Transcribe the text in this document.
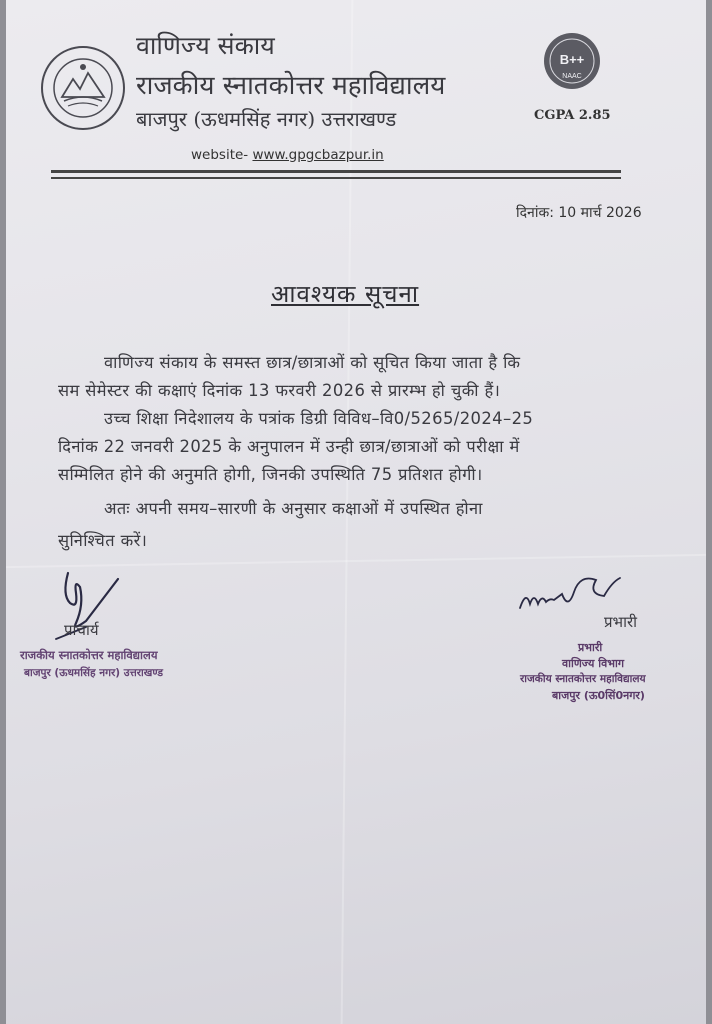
वाणिज्य संकाय
राजकीय स्नातकोत्तर महाविद्यालय
बाजपुर (ऊधमसिंह नगर) उत्तराखण्ड
B++
NAAC
CGPA 2.85
website- www.gpgcbazpur.in
दिनांक: 10 मार्च 2026
आवश्यक सूचना
वाणिज्य संकाय के समस्त छात्र/छात्राओं को सूचित किया जाता है कि
सम सेमेस्टर की कक्षाएं दिनांक 13 फरवरी 2026 से प्रारम्भ हो चुकी हैं।
उच्च शिक्षा निदेशालय के पत्रांक डिग्री विविध–वि0/5265/2024–25
दिनांक 22 जनवरी 2025 के अनुपालन में उन्ही छात्र/छात्राओं को परीक्षा में
सम्मिलित होने की अनुमति होगी, जिनकी उपस्थिति 75 प्रतिशत होगी।
अतः अपनी समय–सारणी के अनुसार कक्षाओं में उपस्थित होना
सुनिश्चित करें।
प्राचार्य
राजकीय स्नातकोत्तर महाविद्यालय
बाजपुर (ऊधमसिंह नगर) उत्तराखण्ड
प्रभारी
प्रभारी
वाणिज्य विभाग
राजकीय स्नातकोत्तर महाविद्यालय
बाजपुर (ऊ0सिं0नगर)
